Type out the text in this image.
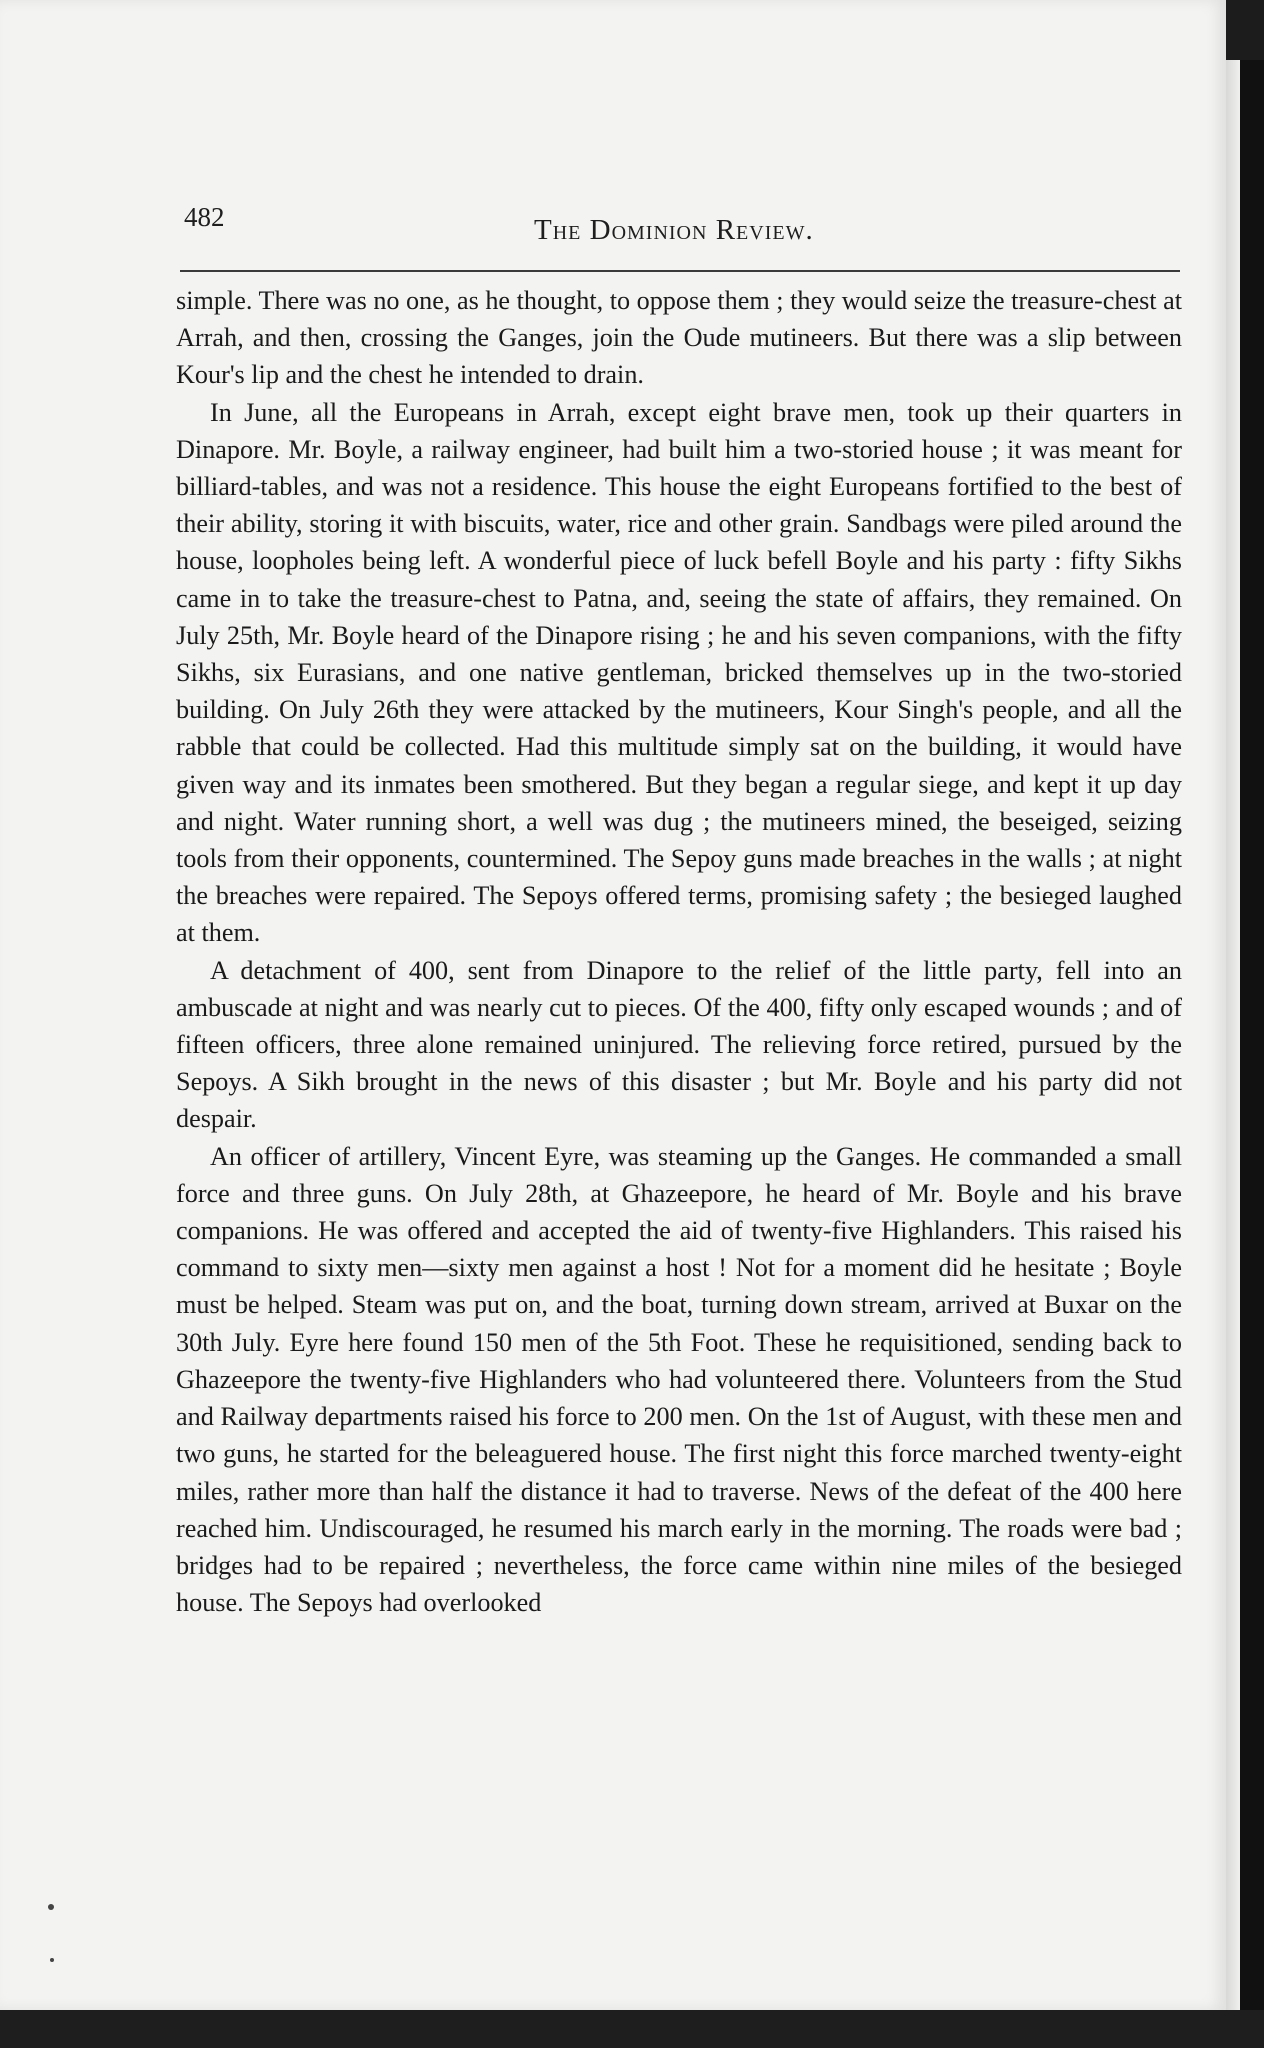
482	The Dominion Review.

simple. There was no one, as he thought, to oppose them ; they would seize the treasure-chest at Arrah, and then, crossing the Ganges, join the Oude mutineers. But there was a slip between Kour's lip and the chest he intended to drain.

In June, all the Europeans in Arrah, except eight brave men, took up their quarters in Dinapore. Mr. Boyle, a railway engineer, had built him a two-storied house ; it was meant for billiard-tables, and was not a residence. This house the eight Europeans fortified to the best of their ability, storing it with biscuits, water, rice and other grain. Sandbags were piled around the house, loopholes being left. A wonderful piece of luck befell Boyle and his party : fifty Sikhs came in to take the treasure-chest to Patna, and, seeing the state of affairs, they remained. On July 25th, Mr. Boyle heard of the Dinapore rising ; he and his seven companions, with the fifty Sikhs, six Eurasians, and one native gentleman, bricked themselves up in the two-storied building. On July 26th they were attacked by the mutineers, Kour Singh's people, and all the rabble that could be collected. Had this multitude simply sat on the building, it would have given way and its inmates been smothered. But they began a regular siege, and kept it up day and night. Water running short, a well was dug ; the mutineers mined, the beseiged, seizing tools from their opponents, countermined. The Sepoy guns made breaches in the walls ; at night the breaches were repaired. The Sepoys offered terms, promising safety ; the besieged laughed at them.

A detachment of 400, sent from Dinapore to the relief of the little party, fell into an ambuscade at night and was nearly cut to pieces. Of the 400, fifty only escaped wounds ; and of fifteen officers, three alone remained uninjured. The relieving force retired, pursued by the Sepoys. A Sikh brought in the news of this disaster ; but Mr. Boyle and his party did not despair.

An officer of artillery, Vincent Eyre, was steaming up the Ganges. He commanded a small force and three guns. On July 28th, at Ghazeepore, he heard of Mr. Boyle and his brave companions. He was offered and accepted the aid of twenty-five Highlanders. This raised his command to sixty men—sixty men against a host ! Not for a moment did he hesitate ; Boyle must be helped. Steam was put on, and the boat, turning down stream, arrived at Buxar on the 30th July. Eyre here found 150 men of the 5th Foot. These he requisitioned, sending back to Ghazeepore the twenty-five Highlanders who had volunteered there. Volunteers from the Stud and Railway departments raised his force to 200 men. On the 1st of August, with these men and two guns, he started for the beleaguered house. The first night this force marched twenty-eight miles, rather more than half the distance it had to traverse. News of the defeat of the 400 here reached him. Undiscouraged, he resumed his march early in the morning. The roads were bad ; bridges had to be repaired ; nevertheless, the force came within nine miles of the besieged house. The Sepoys had overlooked
